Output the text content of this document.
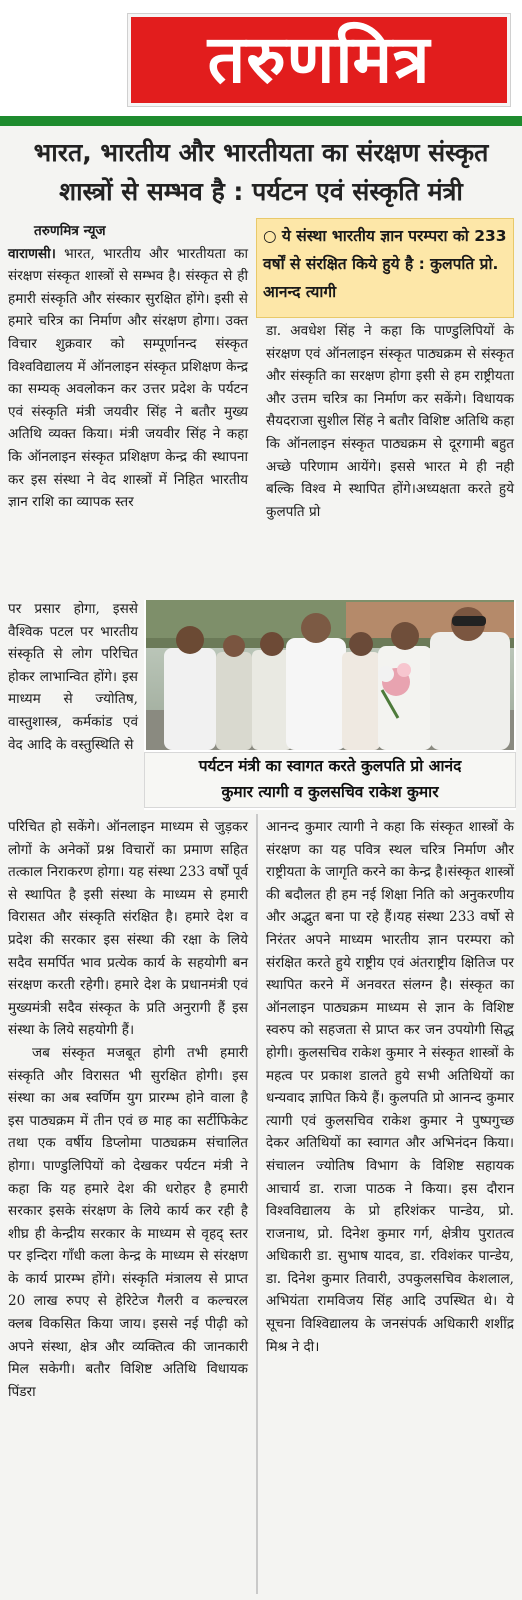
तरुणमित्र
भारत, भारतीय और भारतीयता का संरक्षण संस्कृत
शास्त्रों से सम्भव है : पर्यटन एवं संस्कृति मंत्री

तरुणमित्र न्यूज

वाराणसी। भारत, भारतीय और भारतीयता का संरक्षण संस्कृत शास्त्रों से सम्भव है। संस्कृत से ही हमारी संस्कृति और संस्कार सुरक्षित होंगे। इसी से हमारे चरित्र का निर्माण और संरक्षण होगा। उक्त विचार शुक्रवार को सम्पूर्णानन्द संस्कृत विश्वविद्यालय में ऑनलाइन संस्कृत प्रशिक्षण केन्द्र का सम्यक् अवलोकन कर उत्तर प्रदेश के पर्यटन एवं संस्कृति मंत्री जयवीर सिंह ने बतौर मुख्य अतिथि व्यक्त किया। मंत्री जयवीर सिंह ने कहा कि ऑनलाइन संस्कृत प्रशिक्षण केन्द्र की स्थापना कर इस संस्था ने वेद शास्त्रों में निहित भारतीय ज्ञान राशि का व्यापक स्तर

पर प्रसार होगा, इससे वैश्विक पटल पर भारतीय संस्कृति से लोग परिचित होकर लाभान्वित होंगे। इस माध्यम से ज्योतिष, वास्तुशास्त्र, कर्मकांड एवं वेद आदि के वस्तुस्थिति से

डा. अवधेश सिंह ने कहा कि पाण्डुलिपियों के संरक्षण एवं ऑनलाइन संस्कृत पाठ्यक्रम से संस्कृत और संस्कृति का सरक्षण होगा इसी से हम राष्ट्रीयता और उत्तम चरित्र का निर्माण कर सकेंगे। विधायक सैयदराजा सुशील सिंह ने बतौर विशिष्ट अतिथि कहा कि ऑनलाइन संस्कृत पाठ्यक्रम से दूरगामी बहुत अच्छे परिणाम आयेंगे। इससे भारत मे ही नही बल्कि विश्व मे स्थापित होंगे।अध्यक्षता करते हुये कुलपति प्रो

○ ये संस्था भारतीय ज्ञान परम्परा को 233 वर्षों से संरक्षित किये हुये है : कुलपति प्रो. आनन्द त्यागी
पर्यटन मंत्री का स्वागत करते कुलपति प्रो आनंद
कुमार त्यागी व कुलसचिव राकेश कुमार

परिचित हो सकेंगे। ऑनलाइन माध्यम से जुड़कर लोगों के अनेकों प्रश्न विचारों का प्रमाण सहित तत्काल निराकरण होगा। यह संस्था 233 वर्षों पूर्व से स्थापित है इसी संस्था के माध्यम से हमारी विरासत और संस्कृति संरक्षित है। हमारे देश व प्रदेश की सरकार इस संस्था की रक्षा के लिये सदैव समर्पित भाव प्रत्येक कार्य के सहयोगी बन संरक्षण करती रहेगी। हमारे देश के प्रधानमंत्री एवं मुख्यमंत्री सदैव संस्कृत के प्रति अनुरागी हैं इस संस्था के लिये सहयोगी हैं।

जब संस्कृत मजबूत होगी तभी हमारी संस्कृति और विरासत भी सुरक्षित होगी। इस संस्था का अब स्वर्णिम युग प्रारम्भ होने वाला है इस पाठ्यक्रम में तीन एवं छ माह का सर्टीफिकेट तथा एक वर्षीय डिप्लोमा पाठ्यक्रम संचालित होगा। पाण्डुलिपियों को देखकर पर्यटन मंत्री ने कहा कि यह हमारे देश की धरोहर है हमारी सरकार इसके संरक्षण के लिये कार्य कर रही है शीघ्र ही केन्द्रीय सरकार के माध्यम से वृहद् स्तर पर इन्दिरा गाँधी कला केन्द्र के माध्यम से संरक्षण के कार्य प्रारम्भ होंगे। संस्कृति मंत्रालय से प्राप्त 20 लाख रुपए से हेरिटेज गैलरी व कल्चरल क्लब विकसित किया जाय। इससे नई पीढ़ी को अपने संस्था, क्षेत्र और व्यक्तित्व की जानकारी मिल सकेगी। बतौर विशिष्ट अतिथि विधायक पिंडरा

आनन्द कुमार त्यागी ने कहा कि संस्कृत शास्त्रों के संरक्षण का यह पवित्र स्थल चरित्र निर्माण और राष्ट्रीयता के जागृति करने का केन्द्र है।संस्कृत शास्त्रों की बदौलत ही हम नई शिक्षा निति को अनुकरणीय और अद्भुत बना पा रहे हैं।यह संस्था 233 वर्षो से निरंतर अपने माध्यम भारतीय ज्ञान परम्परा को संरक्षित करते हुये राष्ट्रीय एवं अंतराष्ट्रीय क्षितिज पर स्थापित करने में अनवरत संलग्न है। संस्कृत का ऑनलाइन पाठ्यक्रम माध्यम से ज्ञान के विशिष्ट स्वरुप को सहजता से प्राप्त कर जन उपयोगी सिद्ध होगी। कुलसचिव राकेश कुमार ने संस्कृत शास्त्रों के महत्व पर प्रकाश डालते हुये सभी अतिथियों का धन्यवाद ज्ञापित किये हैं। कुलपति प्रो आनन्द कुमार त्यागी एवं कुलसचिव राकेश कुमार ने पुष्पगुच्छ देकर अतिथियों का स्वागत और अभिनंदन किया। संचालन ज्योतिष विभाग के विशिष्ट सहायक आचार्य डा. राजा पाठक ने किया। इस दौरान विश्वविद्यालय के प्रो हरिशंकर पान्डेय, प्रो. राजनाथ, प्रो. दिनेश कुमार गर्ग, क्षेत्रीय पुरातत्व अधिकारी डा. सुभाष यादव, डा. रविशंकर पान्डेय, डा. दिनेश कुमार तिवारी, उपकुलसचिव केशलाल, अभियंता रामविजय सिंह आदि उपस्थित थे। ये सूचना विश्विद्यालय के जनसंपर्क अधिकारी शशींद्र मिश्र ने दी।
